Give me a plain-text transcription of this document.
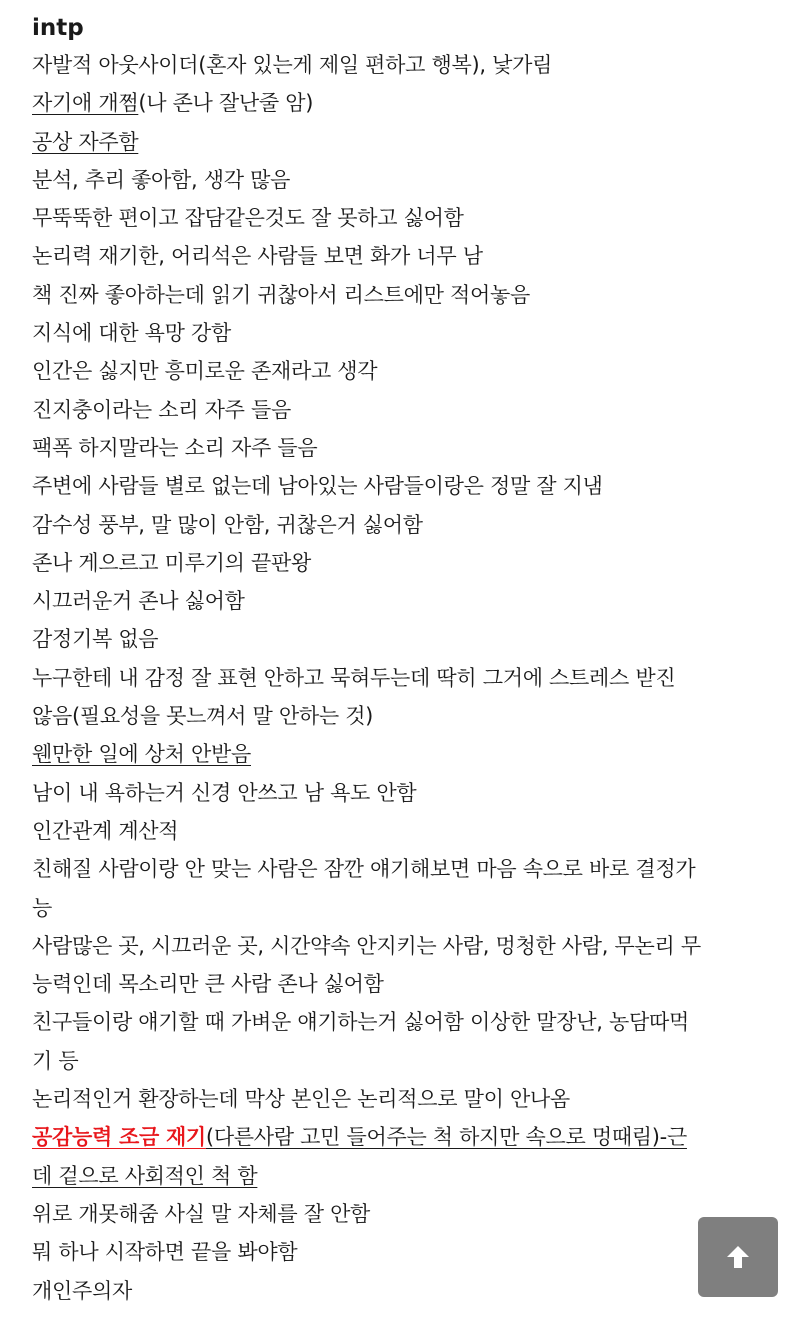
intp
자발적 아웃사이더(혼자 있는게 제일 편하고 행복), 낯가림
자기애 개쩜(나 존나 잘난줄 암)
공상 자주함
분석, 추리 좋아함, 생각 많음
무뚝뚝한 편이고 잡담같은것도 잘 못하고 싫어함
논리력 재기한, 어리석은 사람들 보면 화가 너무 남
책 진짜 좋아하는데 읽기 귀찮아서 리스트에만 적어놓음
지식에 대한 욕망 강함
인간은 싫지만 흥미로운 존재라고 생각
진지충이라는 소리 자주 들음
팩폭 하지말라는 소리 자주 들음
주변에 사람들 별로 없는데 남아있는 사람들이랑은 정말 잘 지냄
감수성 풍부, 말 많이 안함, 귀찮은거 싫어함
존나 게으르고 미루기의 끝판왕
시끄러운거 존나 싫어함
감정기복 없음
누구한테 내 감정 잘 표현 안하고 묵혀두는데 딱히 그거에 스트레스 받진
않음(필요성을 못느껴서 말 안하는 것)
웬만한 일에 상처 안받음
남이 내 욕하는거 신경 안쓰고 남 욕도 안함
인간관계 계산적
친해질 사람이랑 안 맞는 사람은 잠깐 얘기해보면 마음 속으로 바로 결정가
능
사람많은 곳, 시끄러운 곳, 시간약속 안지키는 사람, 멍청한 사람, 무논리 무
능력인데 목소리만 큰 사람 존나 싫어함
친구들이랑 얘기할 때 가벼운 얘기하는거 싫어함 이상한 말장난, 농담따먹
기 등
논리적인거 환장하는데 막상 본인은 논리적으로 말이 안나옴
공감능력 조금 재기(다른사람 고민 들어주는 척 하지만 속으로 멍때림)-근
데 겉으로 사회적인 척 함
위로 개못해줌 사실 말 자체를 잘 안함
뭐 하나 시작하면 끝을 봐야함
개인주의자
